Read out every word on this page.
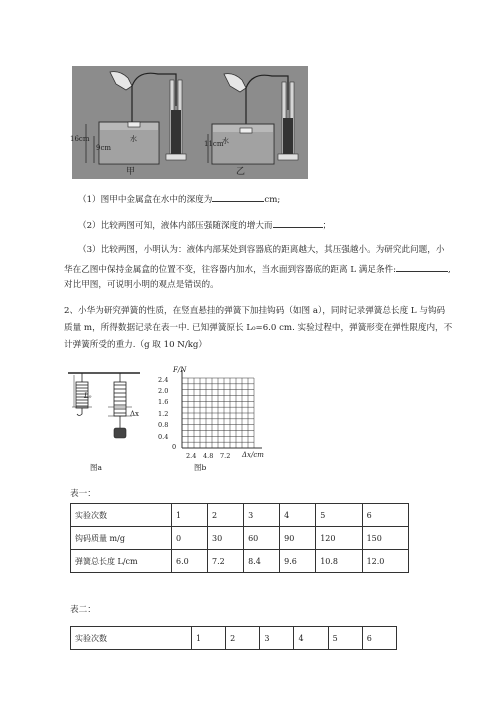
16cm
9cm
水
11cm
水
甲	乙
（1）图甲中金属盒在水中的深度为	cm;
（2）比较两图可知，液体内部压强随深度的增大而	；
（3）比较两图，小明认为：液体内部某处到容器底的距离越大，其压强越小。为研究此问题，小
华在乙图中保持金属盒的位置不变，往容器内加水，当水面到容器底的距离 L 满足条件:	,
对比甲图，可说明小明的观点是错误的。
2、小华为研究弹簧的性质，在竖直悬挂的弹簧下加挂钩码（如图 a），同时记录弹簧总长度 L 与钩码
质量 m，所得数据记录在表一中. 已知弹簧原长 L₀=6.0 cm. 实验过程中，弹簧形变在弹性限度内，不
计弹簧所受的重力.（g 取 10 N/kg）
L₀
Δx
图a
F/N
Δx/cm
0
2.4
2.0
1.6
1.2
0.8
0.4
2.4 4.8 7.2
图b
表一：
实验次数	1	2	3	4	5	6
钩码质量 m/g	0	30	60	90	120	150
弹簧总长度 L/cm	6.0	7.2	8.4	9.6	10.8	12.0
表二：
实验次数	1	2	3	4	5	6
